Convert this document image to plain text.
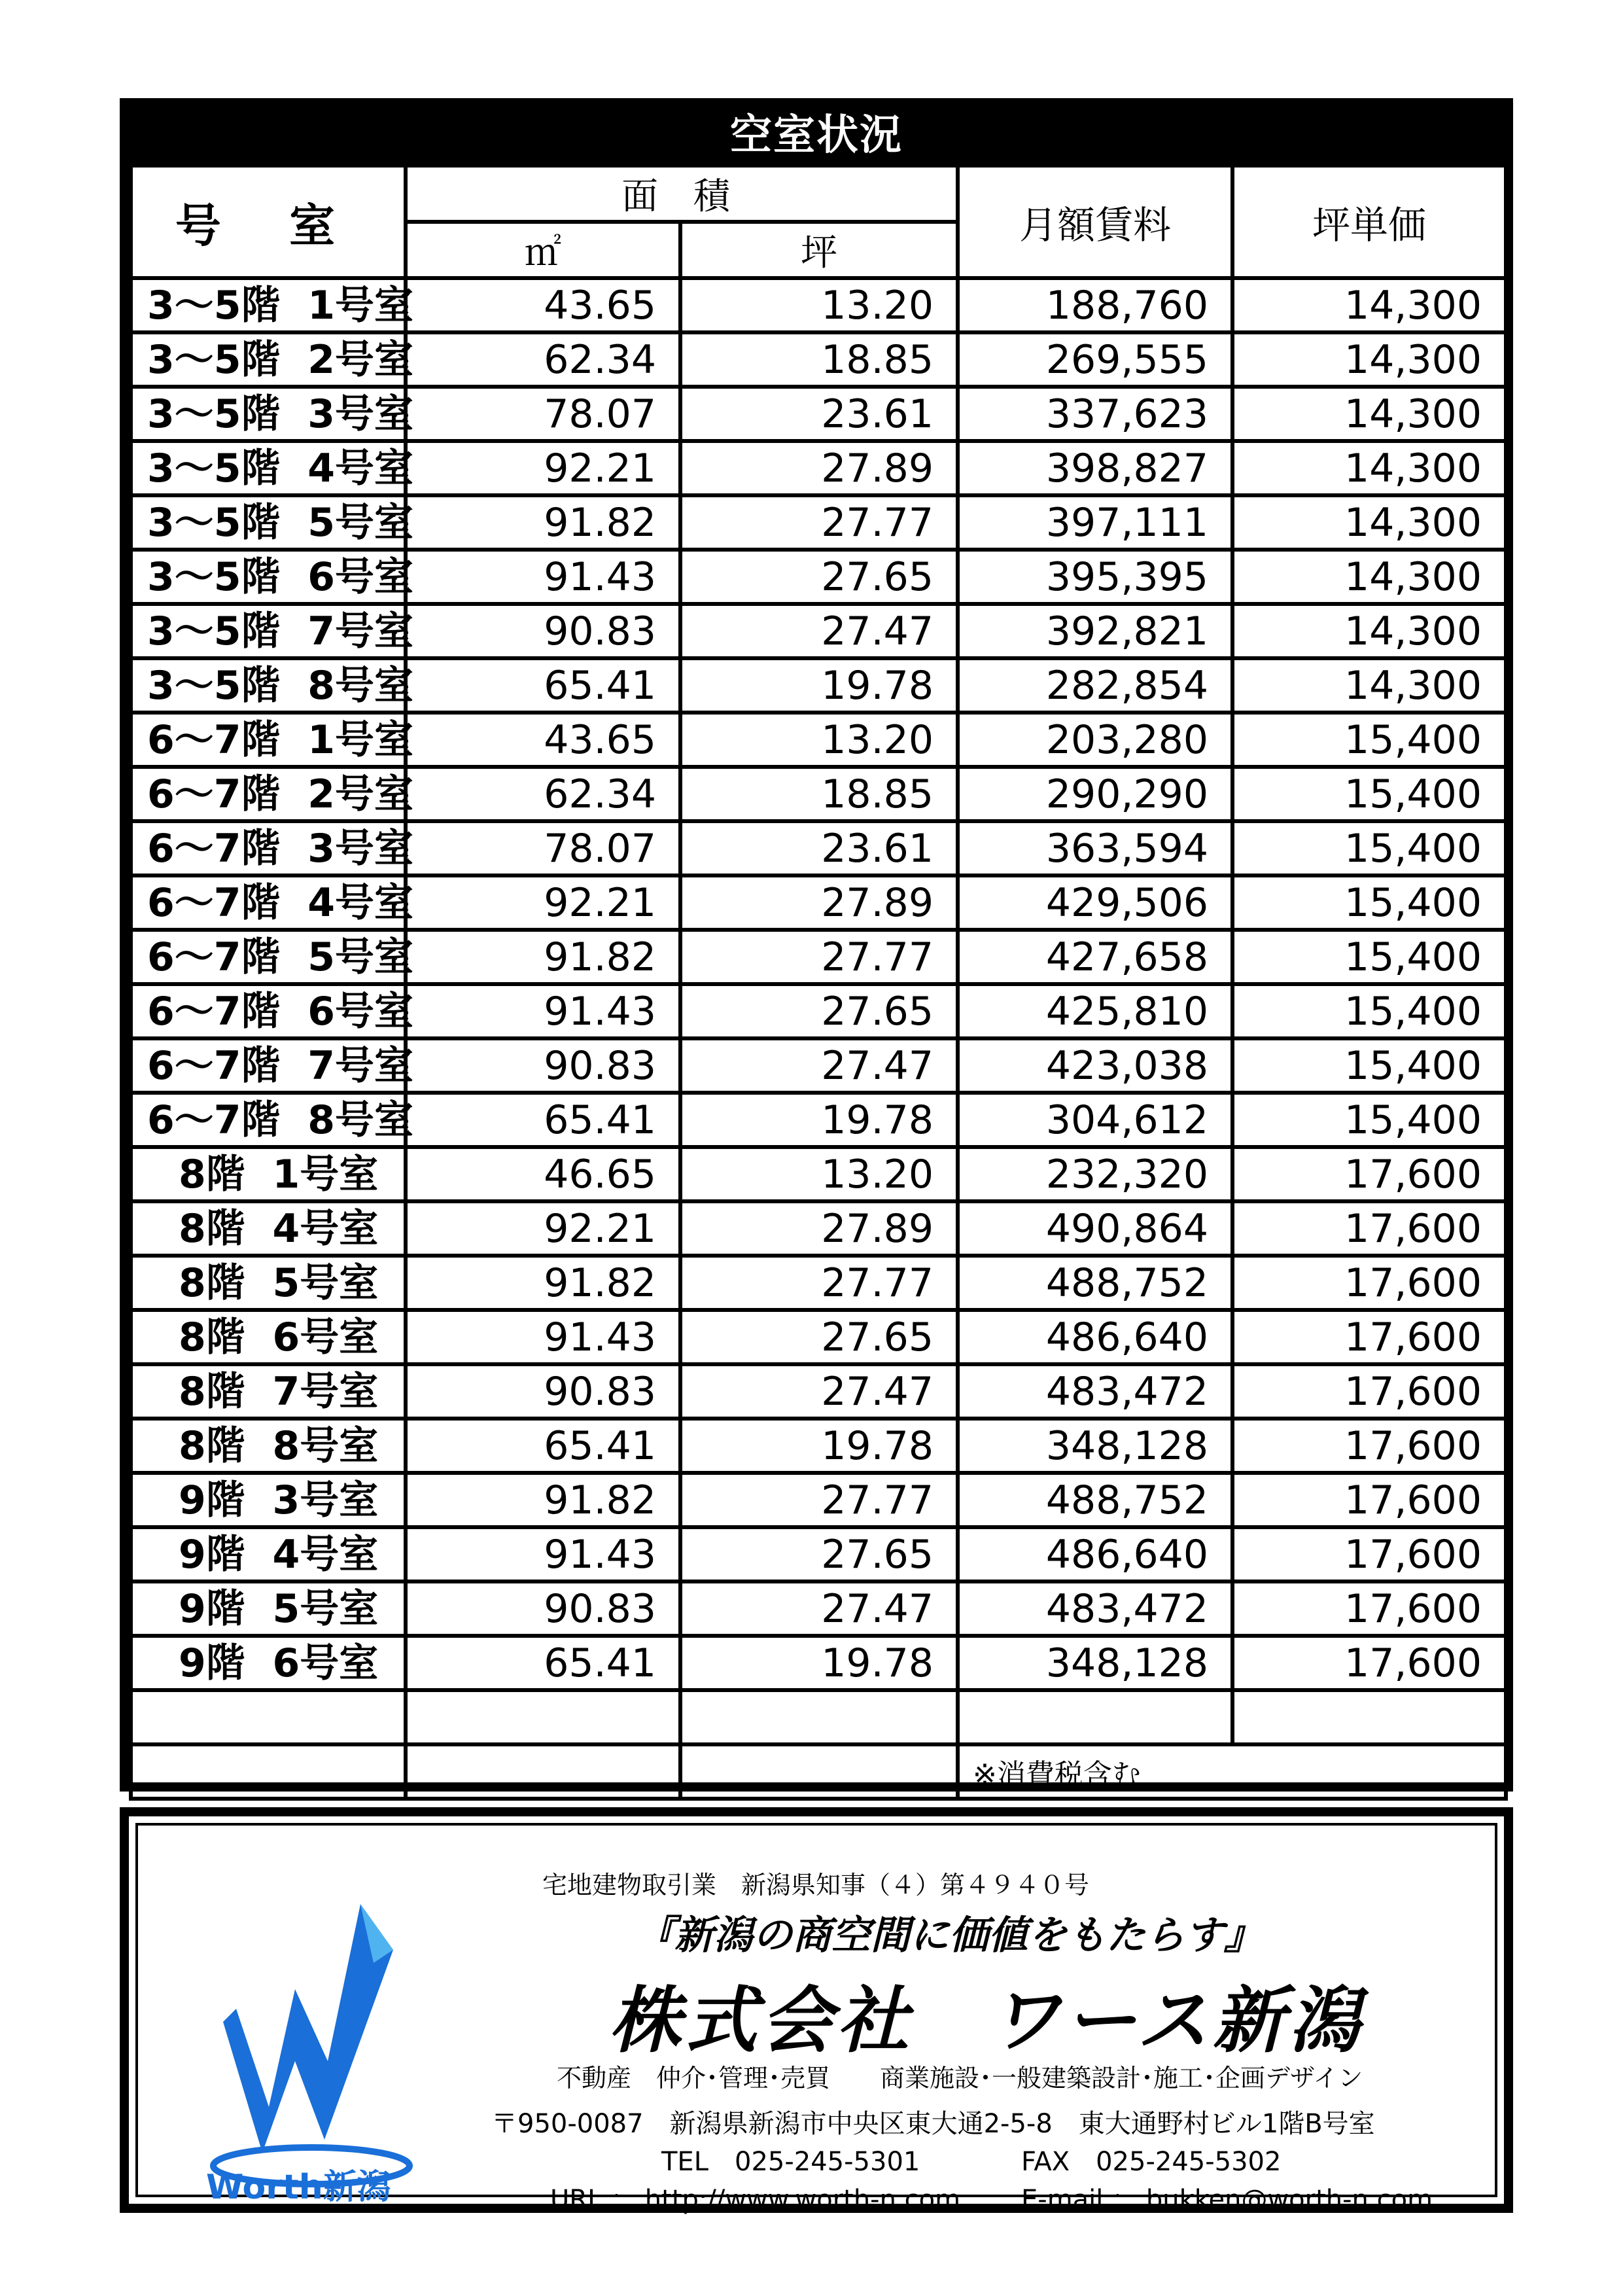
空室状況
号 室	面 積		月額賃料	坪単価
	㎡	坪		
3～5階  1号室	43.65	13.20	188,760	14,300
3～5階  2号室	62.34	18.85	269,555	14,300
3～5階  3号室	78.07	23.61	337,623	14,300
3～5階  4号室	92.21	27.89	398,827	14,300
3～5階  5号室	91.82	27.77	397,111	14,300
3～5階  6号室	91.43	27.65	395,395	14,300
3～5階  7号室	90.83	27.47	392,821	14,300
3～5階  8号室	65.41	19.78	282,854	14,300
6～7階  1号室	43.65	13.20	203,280	15,400
6～7階  2号室	62.34	18.85	290,290	15,400
6～7階  3号室	78.07	23.61	363,594	15,400
6～7階  4号室	92.21	27.89	429,506	15,400
6～7階  5号室	91.82	27.77	427,658	15,400
6～7階  6号室	91.43	27.65	425,810	15,400
6～7階  7号室	90.83	27.47	423,038	15,400
6～7階  8号室	65.41	19.78	304,612	15,400
8階  1号室	46.65	13.20	232,320	17,600
8階  4号室	92.21	27.89	490,864	17,600
8階  5号室	91.82	27.77	488,752	17,600
8階  6号室	91.43	27.65	486,640	17,600
8階  7号室	90.83	27.47	483,472	17,600
8階  8号室	65.41	19.78	348,128	17,600
9階  3号室	91.82	27.77	488,752	17,600
9階  4号室	91.43	27.65	486,640	17,600
9階  5号室	90.83	27.47	483,472	17,600
9階  6号室	65.41	19.78	348,128	17,600

			※消費税含む	
Worth新潟
宅地建物取引業　新潟県知事（４）第４９４０号
『新潟の商空間に価値をもたらす』
株式会社　ワース新潟
不動産　仲介･管理･売買　　商業施設･一般建築設計･施工･企画デザイン
〒950-0087　新潟県新潟市中央区東大通2-5-8　東大通野村ビル1階B号室
TEL　025-245-5301	FAX　025-245-5302
URL ： http://www.worth-n.com E-mail ： bukken@worth-n.com
